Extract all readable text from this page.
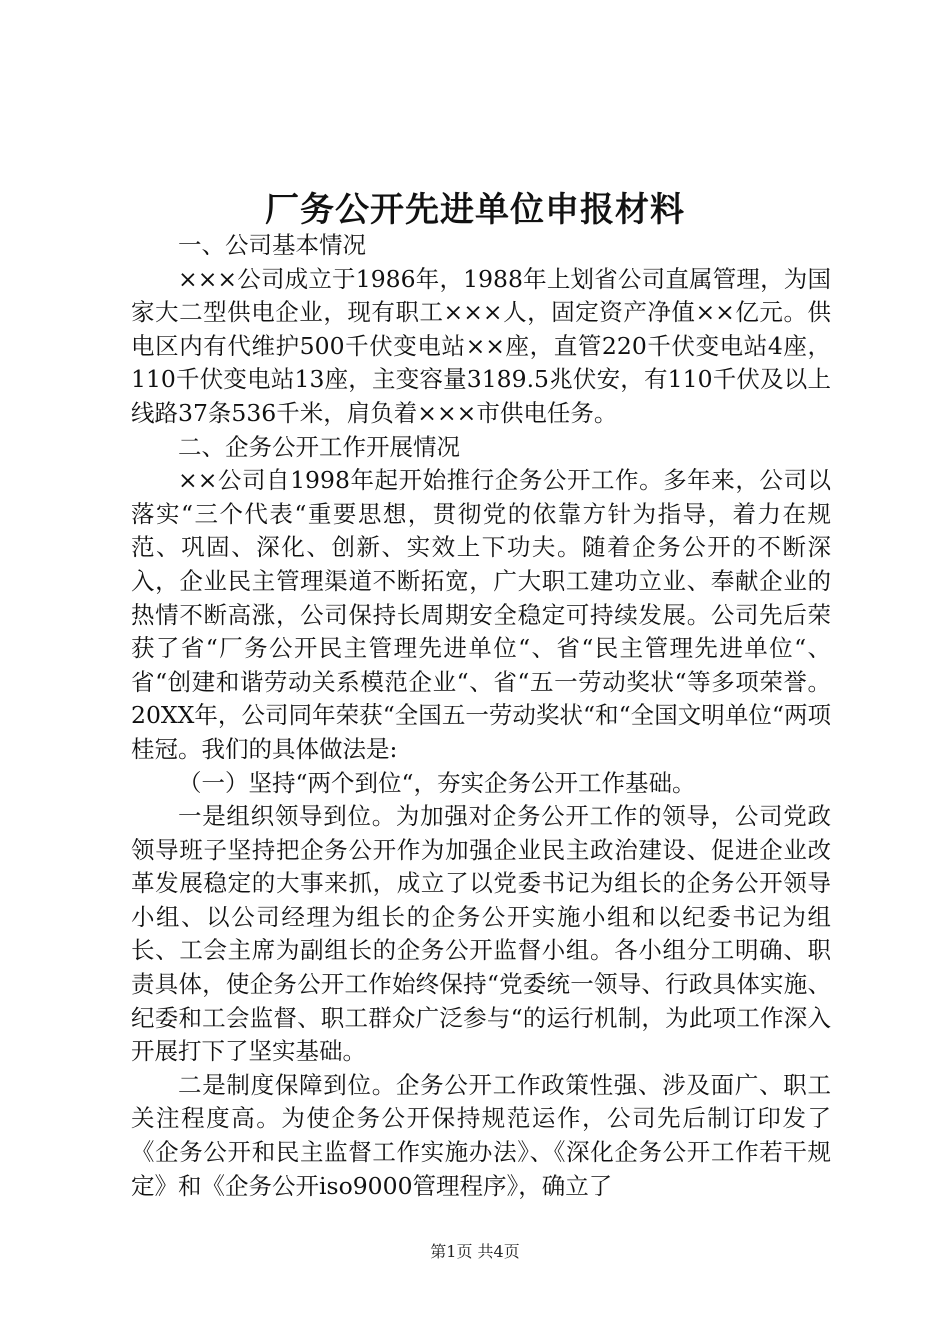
厂务公开先进单位申报材料

一、公司基本情况

×××公司成立于1986年，1988年上划省公司直属管理，为国家大二型供电企业，现有职工×××人，固定资产净值××亿元。供电区内有代维护500千伏变电站××座，直管220千伏变电站4座，110千伏变电站13座，主变容量3189.5兆伏安，有110千伏及以上线路37条536千米，肩负着×××市供电任务。

二、企务公开工作开展情况

××公司自1998年起开始推行企务公开工作。多年来，公司以落实“三个代表“重要思想，贯彻党的依靠方针为指导，着力在规范、巩固、深化、创新、实效上下功夫。随着企务公开的不断深入，企业民主管理渠道不断拓宽，广大职工建功立业、奉献企业的热情不断高涨，公司保持长周期安全稳定可持续发展。公司先后荣获了省“厂务公开民主管理先进单位“、省“民主管理先进单位“、省“创建和谐劳动关系模范企业“、省“五一劳动奖状“等多项荣誉。20XX年，公司同年荣获“全国五一劳动奖状“和“全国文明单位“两项桂冠。我们的具体做法是:

（一）坚持“两个到位“，夯实企务公开工作基础。

一是组织领导到位。为加强对企务公开工作的领导，公司党政领导班子坚持把企务公开作为加强企业民主政治建设、促进企业改革发展稳定的大事来抓，成立了以党委书记为组长的企务公开领导小组、以公司经理为组长的企务公开实施小组和以纪委书记为组长、工会主席为副组长的企务公开监督小组。各小组分工明确、职责具体，使企务公开工作始终保持“党委统一领导、行政具体实施、纪委和工会监督、职工群众广泛参与“的运行机制，为此项工作深入开展打下了坚实基础。

二是制度保障到位。企务公开工作政策性强、涉及面广、职工关注程度高。为使企务公开保持规范运作，公司先后制订印发了《企务公开和民主监督工作实施办法》、《深化企务公开工作若干规定》和《企务公开iso9000管理程序》，确立了

第1页 共4页
